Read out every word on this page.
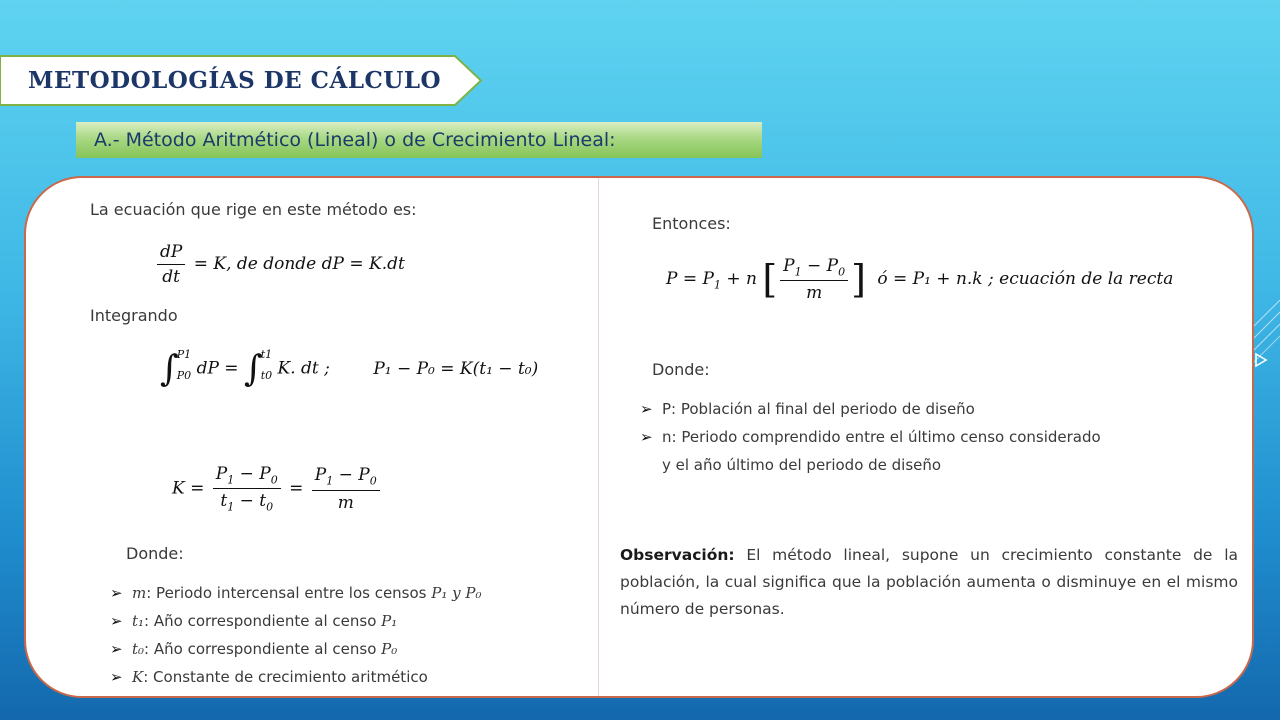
METODOLOGÍAS DE CÁLCULO
A.- Método Aritmético (Lineal) o de Crecimiento Lineal:
La ecuación que rige en este método es:
$\frac{dP}{dt} = K$, de donde dP = K.dt
Integrando
∫
P1
P0 dP = ∫
t1
t0 K. dt ; P₁ − P₀ = K(t₁ − t₀)
$K = \frac{P_1 - P_0}{t_1 - t_0} = \frac{P_1 - P_0}{m}$
Donde:
➢ m: Periodo intercensal entre los censos P₁ y P₀
➢ t₁: Año correspondiente al censo P₁
➢ t₀: Año correspondiente al censo P₀
➢ K: Constante de crecimiento aritmético
Entonces:
$P = P_1 + n$ [ $\frac{P_1 - P_0}{m}$ ] ó = P₁ + n.k ; ecuación de la recta
Donde:
➢ P: Población al final del periodo de diseño
➢ n: Periodo comprendido entre el último censo considerado
y el año último del periodo de diseño
Observación: El método lineal, supone un crecimiento constante de la población, la cual significa que la población aumenta o disminuye en el mismo número de personas.
